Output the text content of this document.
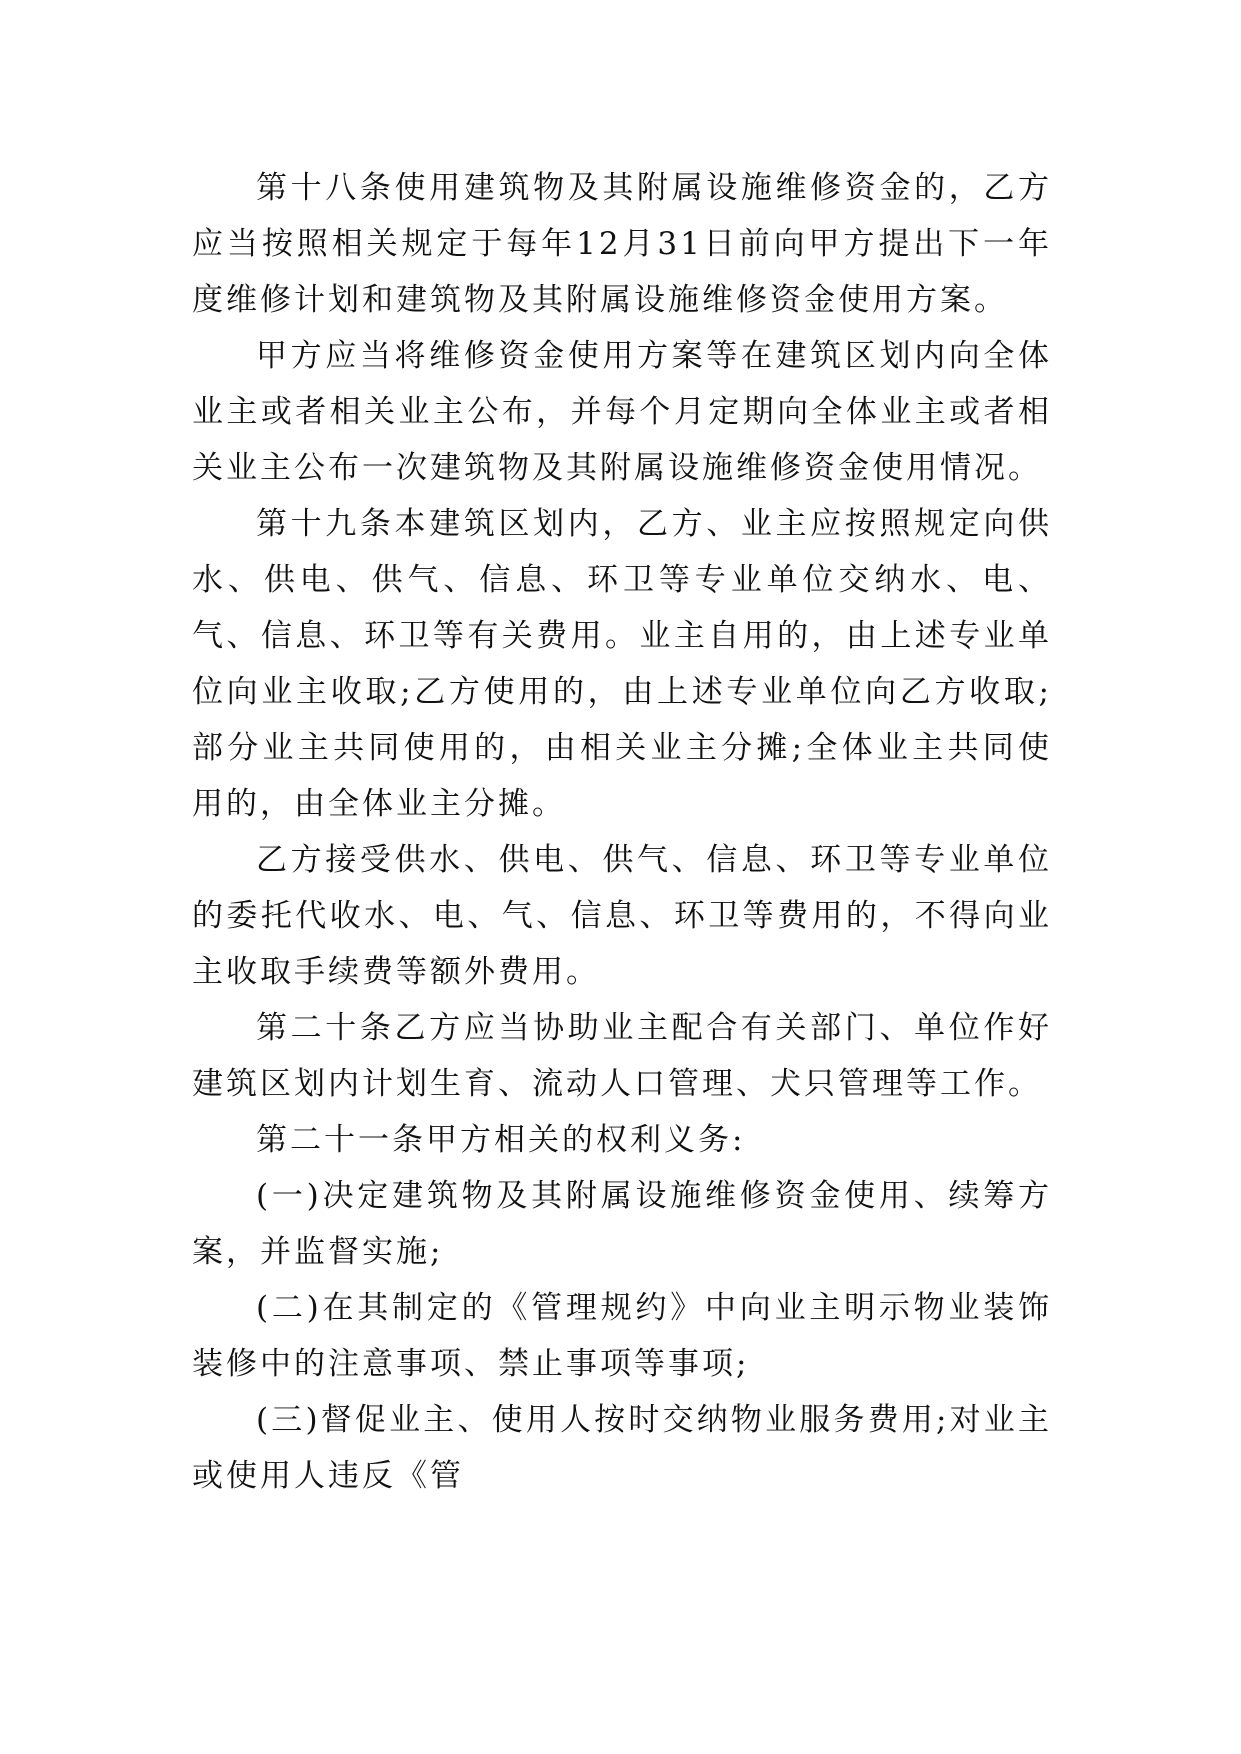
第十八条使用建筑物及其附属设施维修资金的，乙方应当按照相关规定于每年12月31日前向甲方提出下一年度维修计划和建筑物及其附属设施维修资金使用方案。

甲方应当将维修资金使用方案等在建筑区划内向全体业主或者相关业主公布，并每个月定期向全体业主或者相关业主公布一次建筑物及其附属设施维修资金使用情况。

第十九条本建筑区划内，乙方、业主应按照规定向供水、供电、供气、信息、环卫等专业单位交纳水、电、气、信息、环卫等有关费用。业主自用的，由上述专业单位向业主收取;乙方使用的，由上述专业单位向乙方收取;部分业主共同使用的，由相关业主分摊;全体业主共同使用的，由全体业主分摊。

乙方接受供水、供电、供气、信息、环卫等专业单位的委托代收水、电、气、信息、环卫等费用的，不得向业主收取手续费等额外费用。

第二十条乙方应当协助业主配合有关部门、单位作好建筑区划内计划生育、流动人口管理、犬只管理等工作。

第二十一条甲方相关的权利义务:

(一)决定建筑物及其附属设施维修资金使用、续筹方案，并监督实施;

(二)在其制定的《管理规约》中向业主明示物业装饰装修中的注意事项、禁止事项等事项;

(三)督促业主、使用人按时交纳物业服务费用;对业主或使用人违反《管
